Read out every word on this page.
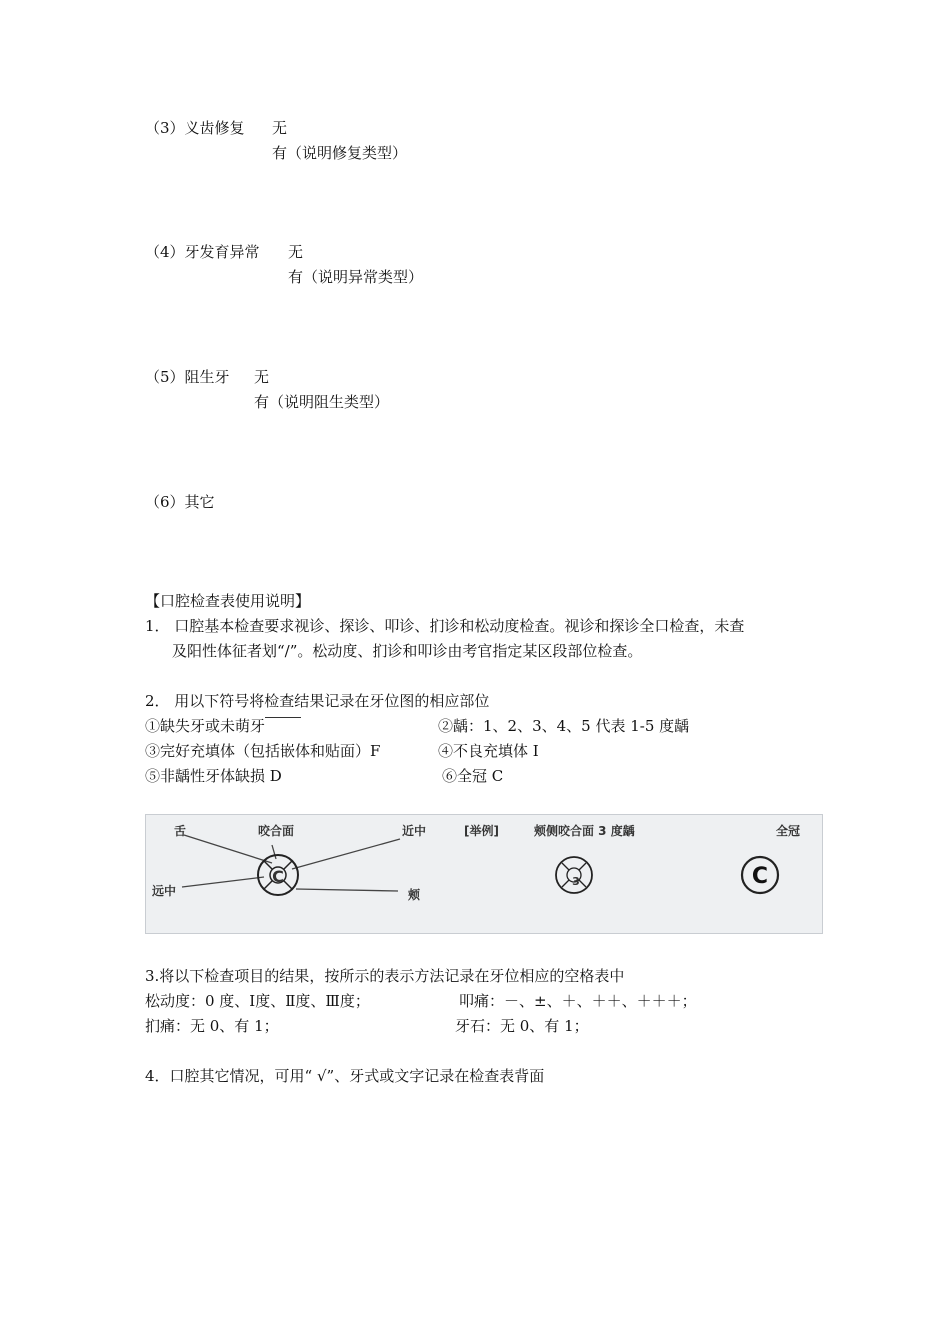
（3）义齿修复 无
有（说明修复类型）
（4）牙发育异常 无
有（说明异常类型）
（5）阻生牙 无
有（说明阻生类型）
（6）其它
【口腔检查表使用说明】
1． 口腔基本检查要求视诊、探诊、叩诊、扪诊和松动度检查。视诊和探诊全口检查，未查
及阳性体征者划“/”。松动度、扪诊和叩诊由考官指定某区段部位检查。
2． 用以下符号将检查结果记录在牙位图的相应部位
①缺失牙或未萌牙	②龋：1、2、3、4、5 代表 1-5 度龋
③完好充填体（包括嵌体和贴面）F	④不良充填体 I
⑤非龋性牙体缺损 D	⑥全冠 C
C
舌	咬合面	近中
远中	颊
[举例]	颊侧咬合面 3 度龋	全冠
3	C
3.将以下检查项目的结果，按所示的表示方法记录在牙位相应的空格表中
松动度：0 度、Ⅰ度、Ⅱ度、Ⅲ度；	叩痛：－、±、＋、＋＋、＋＋＋；
扪痛：无 0、有 1；	牙石：无 0、有 1；
4．口腔其它情况，可用“ √”、牙式或文字记录在检查表背面
